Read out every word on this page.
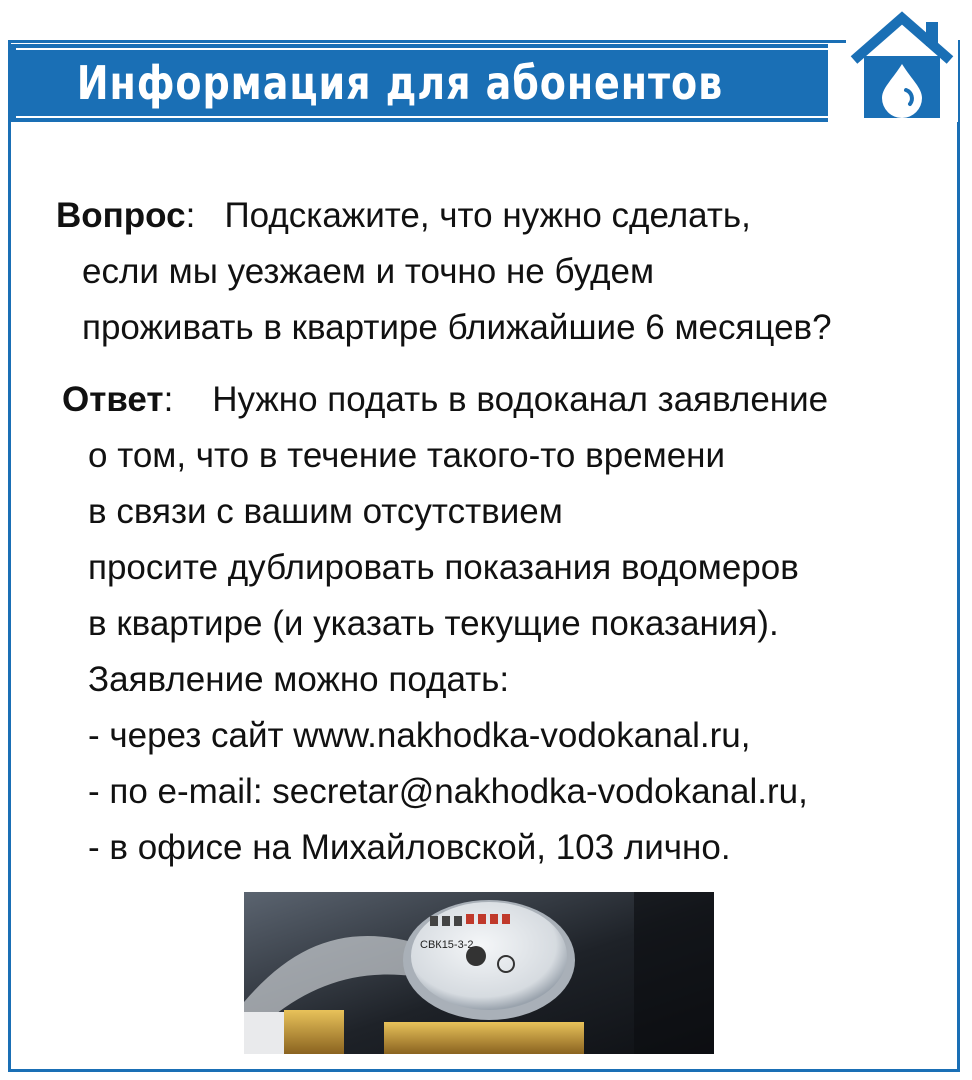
Информация для абонентов
Вопрос:   Подскажите, что нужно сделать,
если мы уезжаем и точно не будем
проживать в квартире ближайшие 6 месяцев?
Ответ:    Нужно подать в водоканал заявление
о том, что в течение такого-то времени
в связи с вашим отсутствием
просите дублировать показания водомеров
в квартире (и указать текущие показания).
Заявление можно подать:
- через сайт www.nakhodka-vodokanal.ru,
- по e-mail: secretar@nakhodka-vodokanal.ru,
- в офисе на Михайловской, 103 лично.
СВК15-3-2
